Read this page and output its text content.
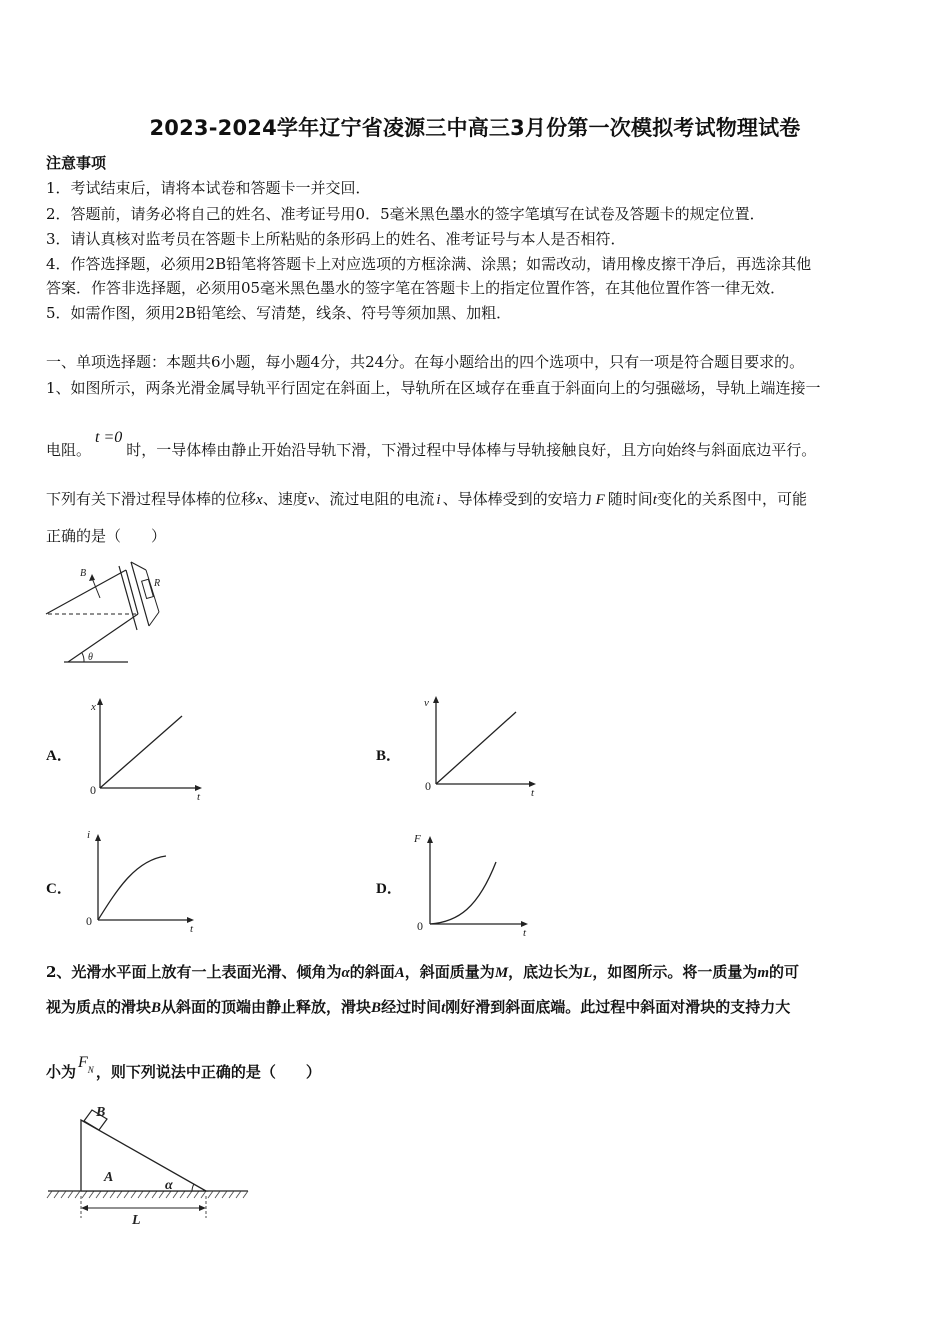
2023-2024学年辽宁省凌源三中高三3月份第一次模拟考试物理试卷
注意事项
1．考试结束后，请将本试卷和答题卡一并交回．
2．答题前，请务必将自己的姓名、准考证号用0．5毫米黑色墨水的签字笔填写在试卷及答题卡的规定位置．
3．请认真核对监考员在答题卡上所粘贴的条形码上的姓名、准考证号与本人是否相符．
4．作答选择题，必须用2B铅笔将答题卡上对应选项的方框涂满、涂黑；如需改动，请用橡皮擦干净后，再选涂其他
答案．作答非选择题，必须用05毫米黑色墨水的签字笔在答题卡上的指定位置作答，在其他位置作答一律无效．
5．如需作图，须用2B铅笔绘、写清楚，线条、符号等须加黑、加粗．
一、单项选择题：本题共6小题，每小题4分，共24分。在每小题给出的四个选项中，只有一项是符合题目要求的。
1、如图所示，两条光滑金属导轨平行固定在斜面上，导轨所在区域存在垂直于斜面向上的匀强磁场，导轨上端连接一
电阻。t =0时，一导体棒由静止开始沿导轨下滑，下滑过程中导体棒与导轨接触良好，且方向始终与斜面底边平行。
下列有关下滑过程导体棒的位移x、速度v、流过电阻的电流 i 、导体棒受到的安培力 F 随时间t变化的关系图中，可能
正确的是（　　）
B
R
θ
A．
x
t
0
B．
v
t
0
C．
i
t
0
D．
F
t
0
2、光滑水平面上放有一上表面光滑、倾角为α的斜面A，斜面质量为M，底边长为L，如图所示。将一质量为m的可
视为质点的滑块B从斜面的顶端由静止释放，滑块B经过时间t刚好滑到斜面底端。此过程中斜面对滑块的支持力大
小为$F^N$ ，则下列说法中正确的是（　　）
B
A
α
L
